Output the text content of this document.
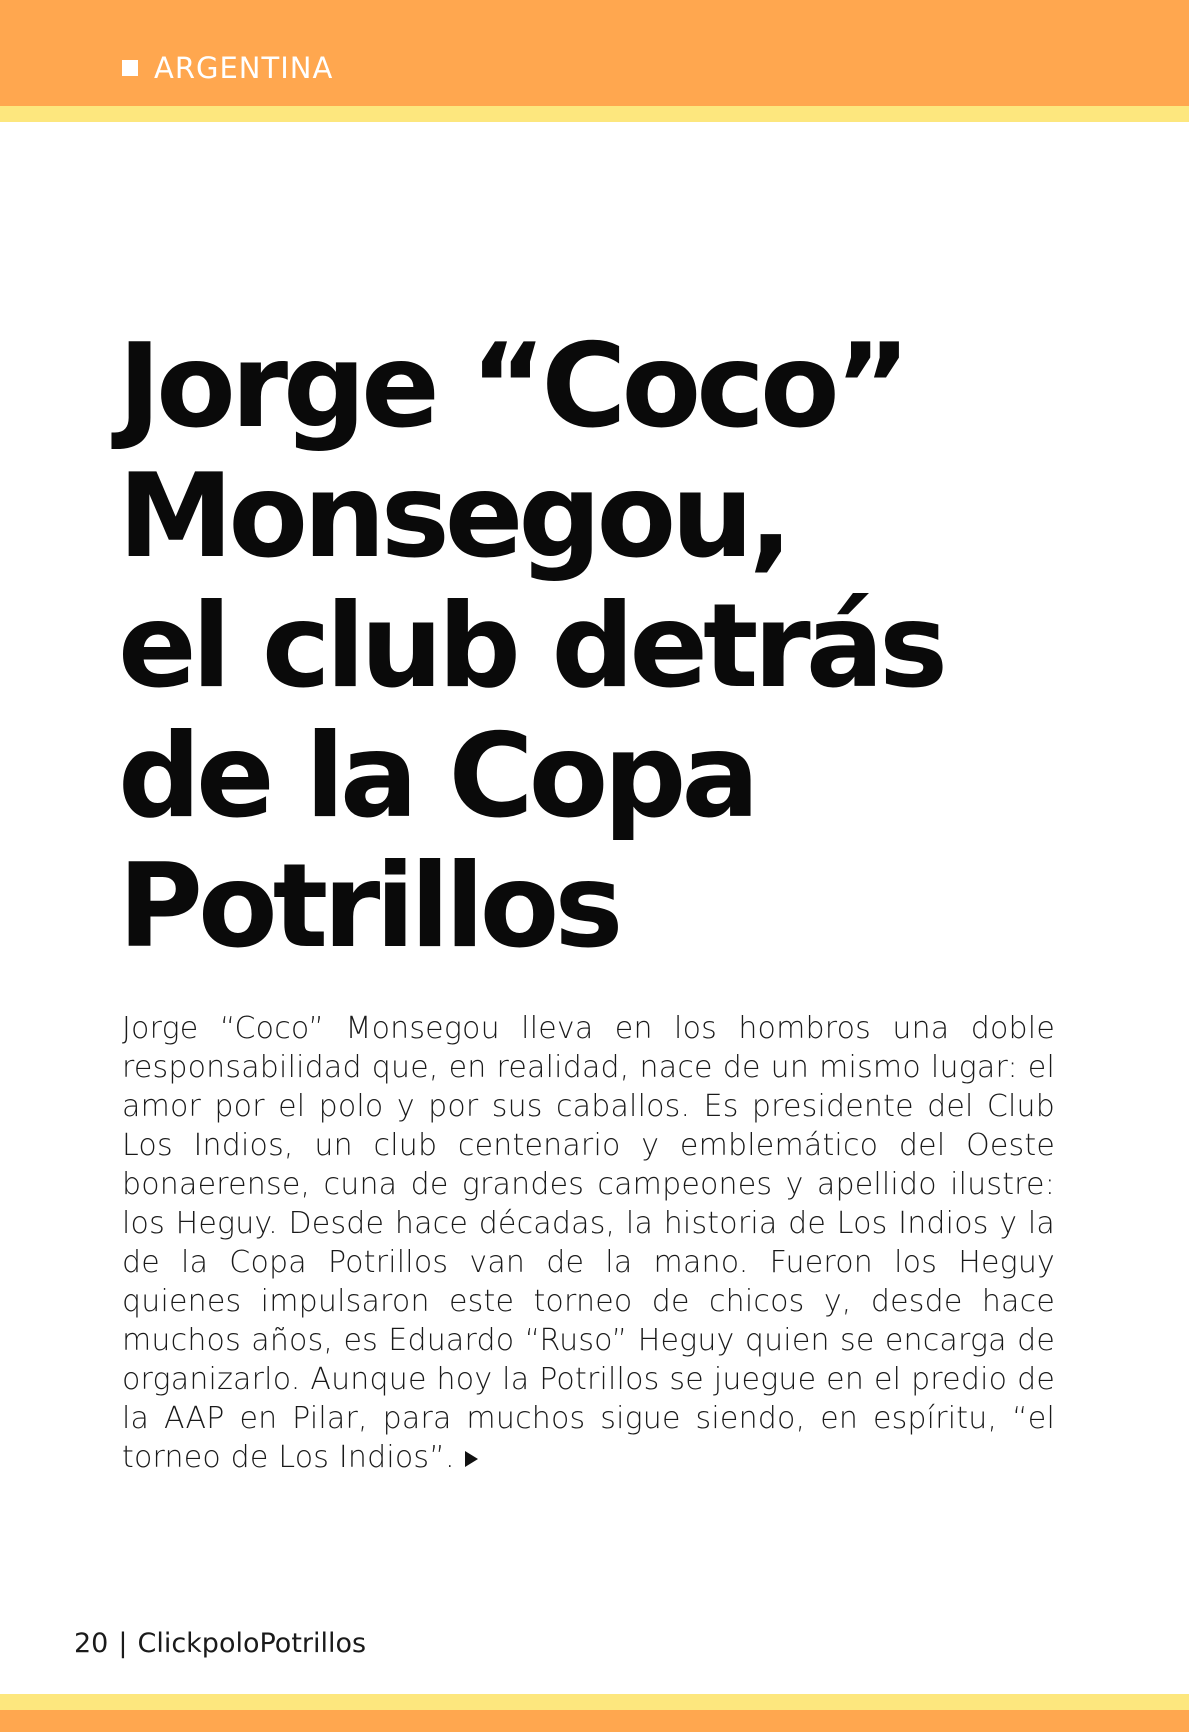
ARGENTINA
Jorge “Coco”
Monsegou,
el club detrás
de la Copa
Potrillos

Jorge “Coco” Monsegou lleva en los hombros una doble responsabilidad que, en realidad, nace de un mismo lugar: el amor por el polo y por sus caballos. Es presidente del Club Los Indios, un club centenario y emblemático del Oeste bonaerense, cuna de grandes campeones y apellido ilustre: los Heguy. Desde hace décadas, la historia de Los Indios y la de la Copa Potrillos van de la mano. Fueron los Heguy quienes impulsaron este torneo de chicos y, desde hace muchos años, es Eduardo “Ruso” Heguy quien se encarga de organizarlo. Aunque hoy la Potrillos se juegue en el predio de la AAP en Pilar, para muchos sigue siendo, en espíritu, “el torneo de Los Indios”.

20 | ClickpoloPotrillos
